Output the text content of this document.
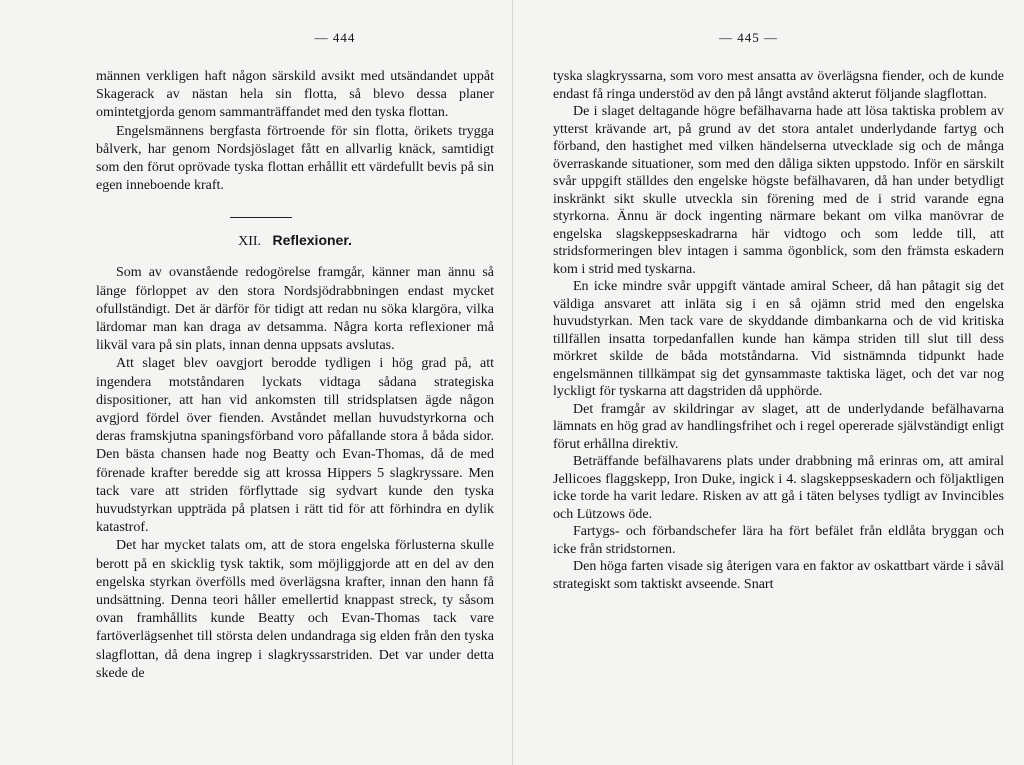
— 444

männen verkligen haft någon särskild avsikt med utsändandet uppåt Skagerack av nästan hela sin flotta, så blevo dessa planer omintetgjorda genom sammanträffandet med den tyska flottan.

Engelsmännens bergfasta förtroende för sin flotta, örikets trygga bålverk, har genom Nordsjöslaget fått en allvarlig knäck, samtidigt som den förut oprövade tyska flottan erhållit ett värdefullt bevis på sin egen inneboende kraft.

XII. Reflexioner.

Som av ovanstående redogörelse framgår, känner man ännu så länge förloppet av den stora Nordsjödrabbningen endast mycket ofullständigt. Det är därför för tidigt att redan nu söka klargöra, vilka lärdomar man kan draga av detsamma. Några korta reflexioner må likväl vara på sin plats, innan denna uppsats avslutas.

Att slaget blev oavgjort berodde tydligen i hög grad på, att ingendera motståndaren lyckats vidtaga sådana strategiska dispositioner, att han vid ankomsten till stridsplatsen ägde någon avgjord fördel över fienden. Avståndet mellan huvudstyrkorna och deras framskjutna spaningsförband voro påfallande stora å båda sidor. Den bästa chansen hade nog Beatty och Evan-Thomas, då de med förenade krafter beredde sig att krossa Hippers 5 slagkryssare. Men tack vare att striden förflyttade sig sydvart kunde den tyska huvudstyrkan uppträda på platsen i rätt tid för att förhindra en dylik katastrof.

Det har mycket talats om, att de stora engelska förlusterna skulle berott på en skicklig tysk taktik, som möjliggjorde att en del av den engelska styrkan överfölls med överlägsna krafter, innan den hann få undsättning. Denna teori håller emellertid knappast streck, ty såsom ovan framhållits kunde Beatty och Evan-Thomas tack vare fartöverlägsenhet till största delen undandraga sig elden från den tyska slagflottan, då dena ingrep i slagkryssarstriden. Det var under detta skede de

— 445 —

tyska slagkryssarna, som voro mest ansatta av överlägsna fiender, och de kunde endast få ringa understöd av den på långt avstånd akterut följande slagflottan.

De i slaget deltagande högre befälhavarna hade att lösa taktiska problem av ytterst krävande art, på grund av det stora antalet underlydande fartyg och förband, den hastighet med vilken händelserna utvecklade sig och de många överraskande situationer, som med den dåliga sikten uppstodo. Inför en särskilt svår uppgift ställdes den engelske högste befälhavaren, då han under betydligt inskränkt sikt skulle utveckla sin förening med de i strid varande egna styrkorna. Ännu är dock ingenting närmare bekant om vilka manövrar de engelska slagskeppseskadrarna här vidtogo och som ledde till, att stridsformeringen blev intagen i samma ögonblick, som den främsta eskadern kom i strid med tyskarna.

En icke mindre svår uppgift väntade amiral Scheer, då han påtagit sig det väldiga ansvaret att inläta sig i en så ojämn strid med den engelska huvudstyrkan. Men tack vare de skyddande dimbankarna och de vid kritiska tillfällen insatta torpedanfallen kunde han kämpa striden till slut till dess mörkret skilde de båda motståndarna. Vid sistnämnda tidpunkt hade engelsmännen tillkämpat sig det gynsammaste taktiska läget, och det var nog lyckligt för tyskarna att dagstriden då upphörde.

Det framgår av skildringar av slaget, att de underlydande befälhavarna lämnats en hög grad av handlingsfrihet och i regel opererade självständigt enligt förut erhållna direktiv.

Beträffande befälhavarens plats under drabbning må erinras om, att amiral Jellicoes flaggskepp, Iron Duke, ingick i 4. slagskeppseskadern och följaktligen icke torde ha varit ledare. Risken av att gå i täten belyses tydligt av Invincibles och Lützows öde.

Fartygs- och förbandschefer lära ha fört befälet från eldlåta bryggan och icke från stridstornen.

Den höga farten visade sig återigen vara en faktor av oskattbart värde i såväl strategiskt som taktiskt avseende. Snart
